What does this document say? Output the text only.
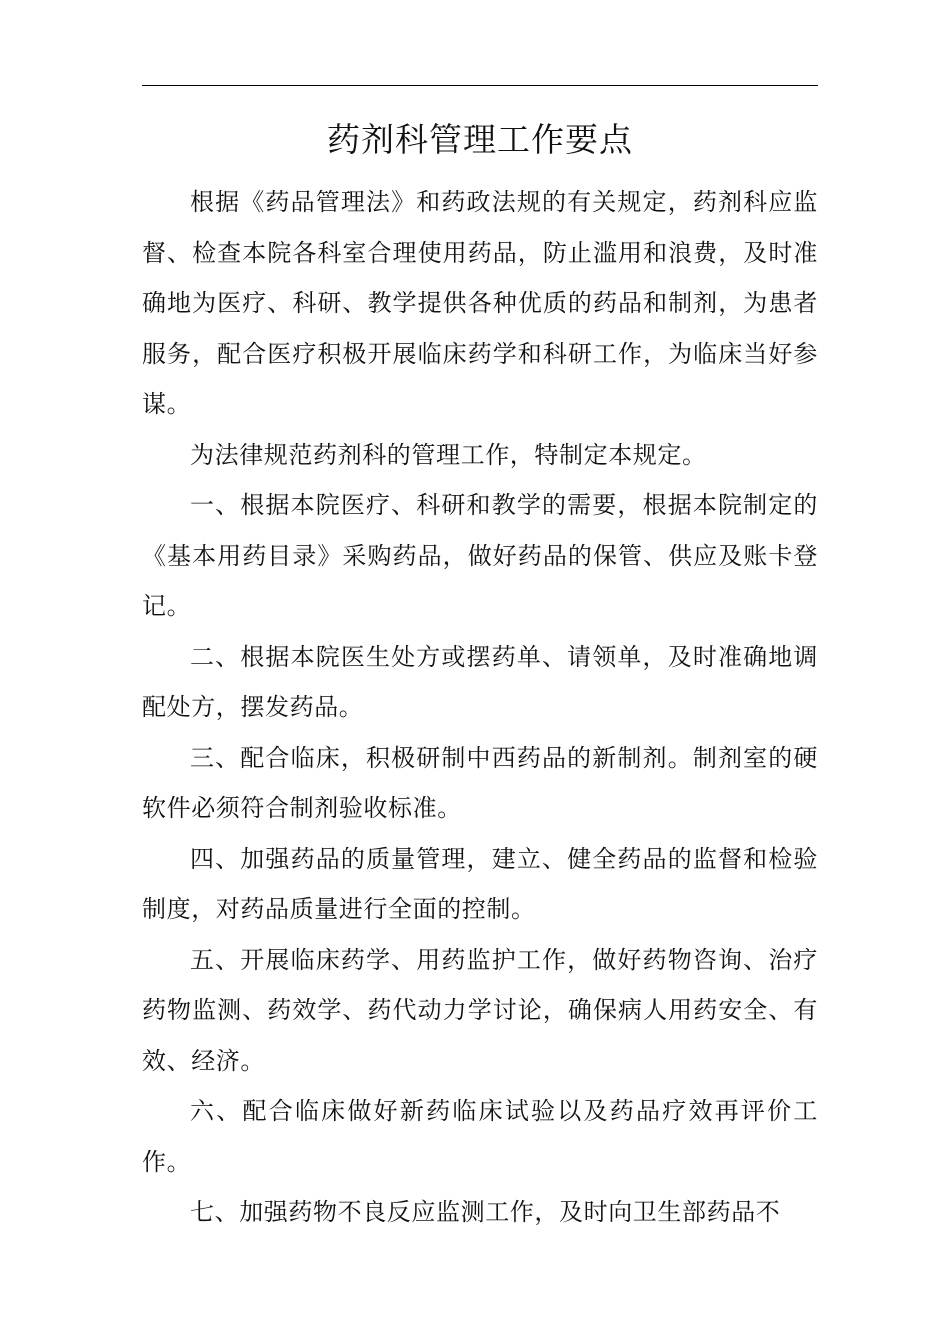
药剂科管理工作要点

根据《药品管理法》和药政法规的有关规定，药剂科应监督、检查本院各科室合理使用药品，防止滥用和浪费，及时准确地为医疗、科研、教学提供各种优质的药品和制剂，为患者服务，配合医疗积极开展临床药学和科研工作，为临床当好参谋。

为法律规范药剂科的管理工作，特制定本规定。

一、根据本院医疗、科研和教学的需要，根据本院制定的《基本用药目录》采购药品，做好药品的保管、供应及账卡登记。

二、根据本院医生处方或摆药单、请领单，及时准确地调配处方，摆发药品。

三、配合临床，积极研制中西药品的新制剂。制剂室的硬软件必须符合制剂验收标准。

四、加强药品的质量管理，建立、健全药品的监督和检验制度，对药品质量进行全面的控制。

五、开展临床药学、用药监护工作，做好药物咨询、治疗药物监测、药效学、药代动力学讨论，确保病人用药安全、有效、经济。

六、配合临床做好新药临床试验以及药品疗效再评价工作。

七、加强药物不良反应监测工作，及时向卫生部药品不
